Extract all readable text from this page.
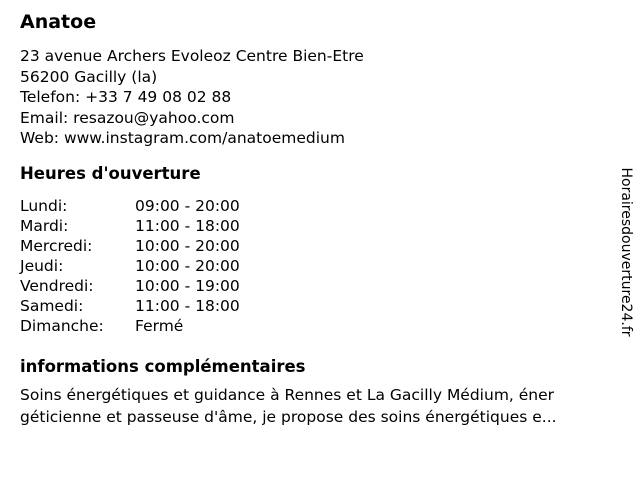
Anatoe
23 avenue Archers Evoleoz Centre Bien-Etre
56200 Gacilly (la)
Telefon: +33 7 49 08 02 88
Email: resazou@yahoo.com
Web: www.instagram.com/anatoemedium
Heures d'ouverture
Lundi:	09:00 - 20:00
Mardi:	11:00 - 18:00
Mercredi:	10:00 - 20:00
Jeudi:	10:00 - 20:00
Vendredi:	10:00 - 19:00
Samedi:	11:00 - 18:00
Dimanche: Fermé
informations complémentaires
Soins énergétiques et guidance à Rennes et La Gacilly Médium, éner
géticienne et passeuse d'âme, je propose des soins énergétiques e...
Horairesdouverture24.fr
